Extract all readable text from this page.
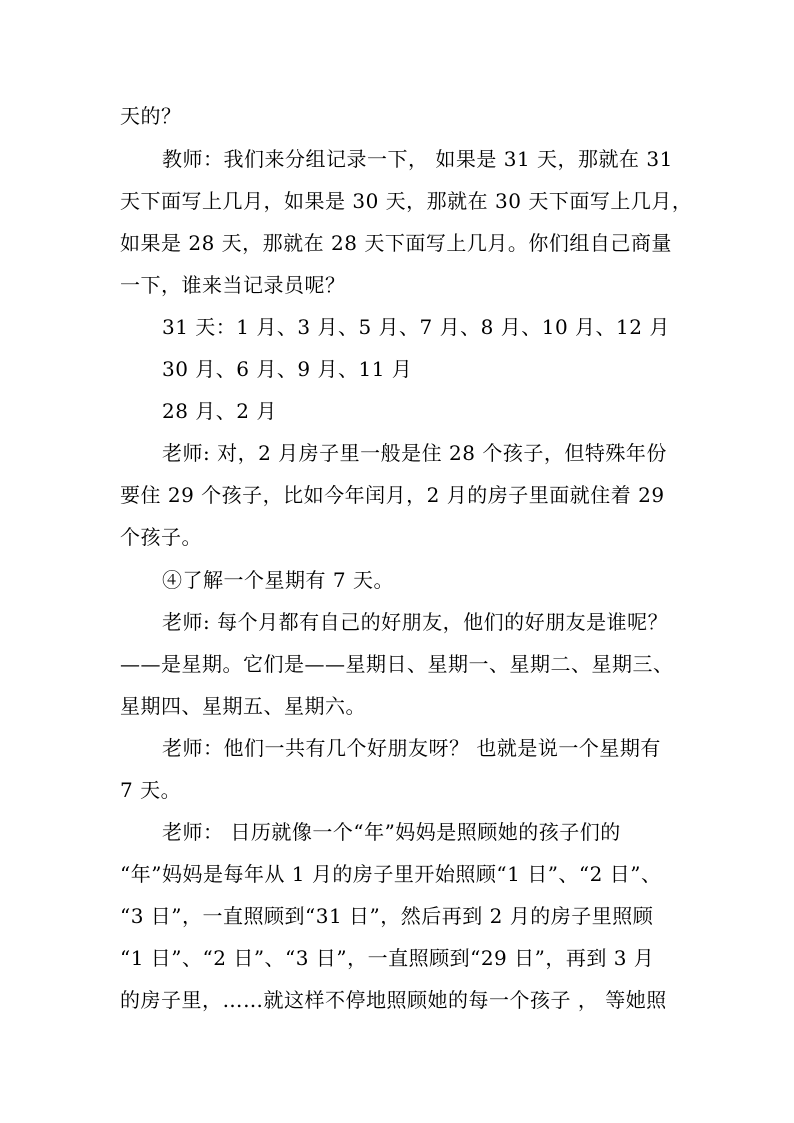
天的？
教师：我们来分组记录一下， 如果是 31 天，那就在 31
天下面写上几月，如果是 30 天，那就在 30 天下面写上几月，
如果是 28 天，那就在 28 天下面写上几月。你们组自己商量
一下，谁来当记录员呢？
31 天：1 月、3 月、5 月、7 月、8 月、10 月、12 月
30 月、6 月、9 月、11 月
28 月、2 月
老师: 对，2 月房子里一般是住 28 个孩子，但特殊年份
要住 29 个孩子，比如今年闰月，2 月的房子里面就住着 29
个孩子。
④了解一个星期有 7 天。
老师: 每个月都有自己的好朋友，他们的好朋友是谁呢？
——是星期。它们是——星期日、星期一、星期二、星期三、
星期四、星期五、星期六。
老师：他们一共有几个好朋友呀？ 也就是说一个星期有
7 天。
老师： 日历就像一个“年”妈妈是照顾她的孩子们的
“年”妈妈是每年从 1 月的房子里开始照顾“1 日”、“2 日”、
“3 日”，一直照顾到“31 日”，然后再到 2 月的房子里照顾
“1 日”、“2 日”、“3 日”，一直照顾到“29 日”，再到 3 月
的房子里，……就这样不停地照顾她的每一个孩子 ， 等她照
